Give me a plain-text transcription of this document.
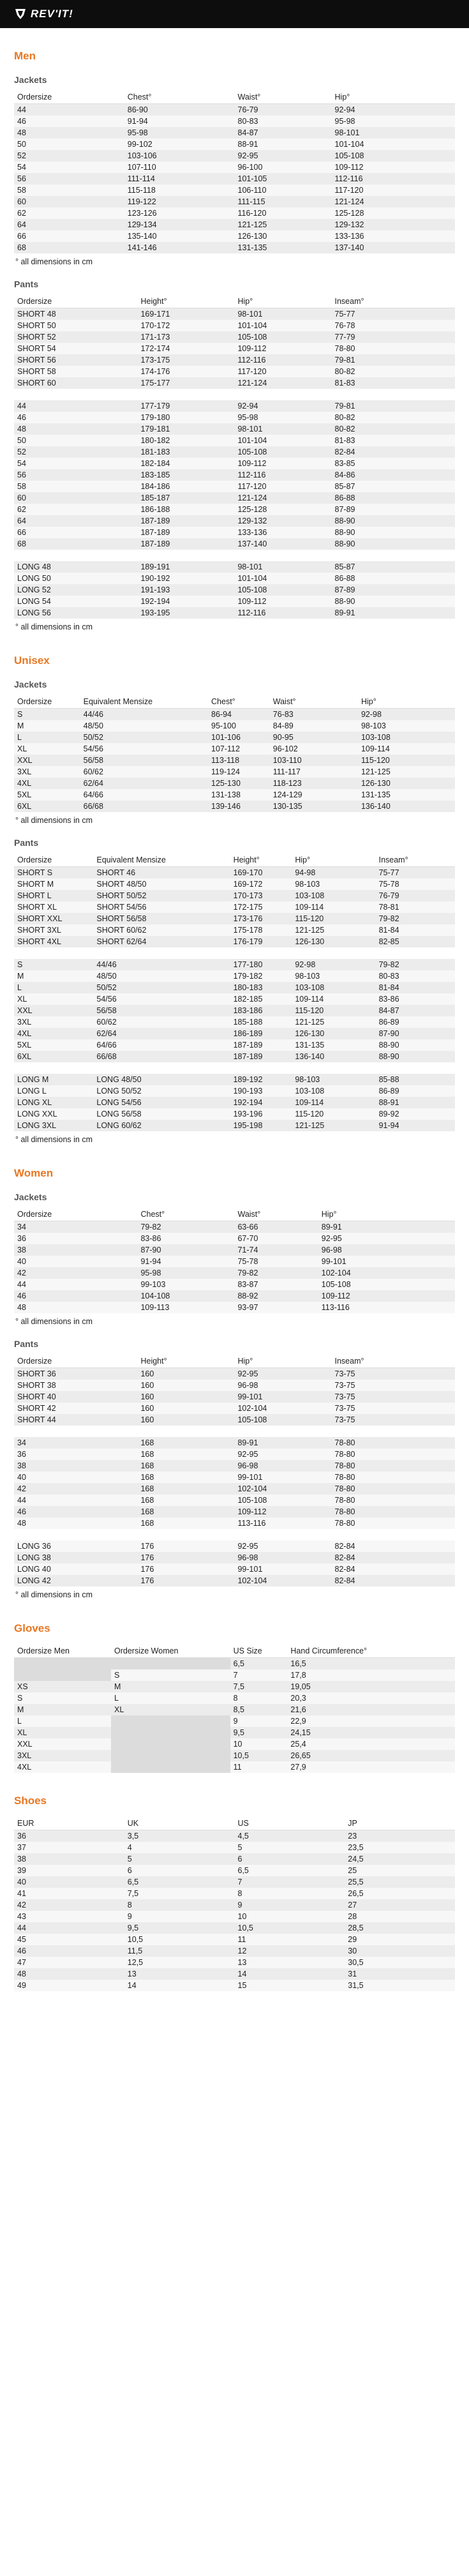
REV'IT!
Men
Jackets
Ordersize	Chest°	Waist°	Hip°
44	86-90	76-79	92-94
46	91-94	80-83	95-98
48	95-98	84-87	98-101
50	99-102	88-91	101-104
52	103-106	92-95	105-108
54	107-110	96-100	109-112
56	111-114	101-105	112-116
58	115-118	106-110	117-120
60	119-122	111-115	121-124
62	123-126	116-120	125-128
64	129-134	121-125	129-132
66	135-140	126-130	133-136
68	141-146	131-135	137-140
° all dimensions in cm
Pants
Ordersize	Height°	Hip°	Inseam°
SHORT 48	169-171	98-101	75-77
SHORT 50	170-172	101-104	76-78
SHORT 52	171-173	105-108	77-79
SHORT 54	172-174	109-112	78-80
SHORT 56	173-175	112-116	79-81
SHORT 58	174-176	117-120	80-82
SHORT 60	175-177	121-124	81-83

44	177-179	92-94	79-81
46	179-180	95-98	80-82
48	179-181	98-101	80-82
50	180-182	101-104	81-83
52	181-183	105-108	82-84
54	182-184	109-112	83-85
56	183-185	112-116	84-86
58	184-186	117-120	85-87
60	185-187	121-124	86-88
62	186-188	125-128	87-89
64	187-189	129-132	88-90
66	187-189	133-136	88-90
68	187-189	137-140	88-90

LONG 48	189-191	98-101	85-87
LONG 50	190-192	101-104	86-88
LONG 52	191-193	105-108	87-89
LONG 54	192-194	109-112	88-90
LONG 56	193-195	112-116	89-91
° all dimensions in cm
Unisex
Jackets
Ordersize	Equivalent Mensize	Chest°	Waist°	Hip°
S	44/46	86-94	76-83	92-98
M	48/50	95-100	84-89	98-103
L	50/52	101-106	90-95	103-108
XL	54/56	107-112	96-102	109-114
XXL	56/58	113-118	103-110	115-120
3XL	60/62	119-124	111-117	121-125
4XL	62/64	125-130	118-123	126-130
5XL	64/66	131-138	124-129	131-135
6XL	66/68	139-146	130-135	136-140
° all dimensions in cm
Pants
Ordersize	Equivalent Mensize	Height°	Hip°	Inseam°
SHORT S	SHORT 46	169-170	94-98	75-77
SHORT M	SHORT 48/50	169-172	98-103	75-78
SHORT L	SHORT 50/52	170-173	103-108	76-79
SHORT XL	SHORT 54/56	172-175	109-114	78-81
SHORT XXL	SHORT 56/58	173-176	115-120	79-82
SHORT 3XL	SHORT 60/62	175-178	121-125	81-84
SHORT 4XL	SHORT 62/64	176-179	126-130	82-85

S	44/46	177-180	92-98	79-82
M	48/50	179-182	98-103	80-83
L	50/52	180-183	103-108	81-84
XL	54/56	182-185	109-114	83-86
XXL	56/58	183-186	115-120	84-87
3XL	60/62	185-188	121-125	86-89
4XL	62/64	186-189	126-130	87-90
5XL	64/66	187-189	131-135	88-90
6XL	66/68	187-189	136-140	88-90

LONG M	LONG 48/50	189-192	98-103	85-88
LONG L	LONG 50/52	190-193	103-108	86-89
LONG XL	LONG 54/56	192-194	109-114	88-91
LONG XXL	LONG 56/58	193-196	115-120	89-92
LONG 3XL	LONG 60/62	195-198	121-125	91-94
° all dimensions in cm
Women
Jackets
Ordersize	Chest°	Waist°	Hip°
34	79-82	63-66	89-91
36	83-86	67-70	92-95
38	87-90	71-74	96-98
40	91-94	75-78	99-101
42	95-98	79-82	102-104
44	99-103	83-87	105-108
46	104-108	88-92	109-112
48	109-113	93-97	113-116
° all dimensions in cm
Pants
Ordersize	Height°	Hip°	Inseam°
SHORT 36	160	92-95	73-75
SHORT 38	160	96-98	73-75
SHORT 40	160	99-101	73-75
SHORT 42	160	102-104	73-75
SHORT 44	160	105-108	73-75

34	168	89-91	78-80
36	168	92-95	78-80
38	168	96-98	78-80
40	168	99-101	78-80
42	168	102-104	78-80
44	168	105-108	78-80
46	168	109-112	78-80
48	168	113-116	78-80

LONG 36	176	92-95	82-84
LONG 38	176	96-98	82-84
LONG 40	176	99-101	82-84
LONG 42	176	102-104	82-84
° all dimensions in cm
Gloves
Ordersize Men	Ordersize Women	US Size	Hand Circumference°
		6,5	16,5
	S	7	17,8
XS	M	7,5	19,05
S	L	8	20,3
M	XL	8,5	21,6
L		9	22,9
XL		9,5	24,15
XXL		10	25,4
3XL		10,5	26,65
4XL		11	27,9
Shoes
EUR	UK	US	JP
36	3,5	4,5	23
37	4	5	23,5
38	5	6	24,5
39	6	6,5	25
40	6,5	7	25,5
41	7,5	8	26,5
42	8	9	27
43	9	10	28
44	9,5	10,5	28,5
45	10,5	11	29
46	11,5	12	30
47	12,5	13	30,5
48	13	14	31
49	14	15	31,5
